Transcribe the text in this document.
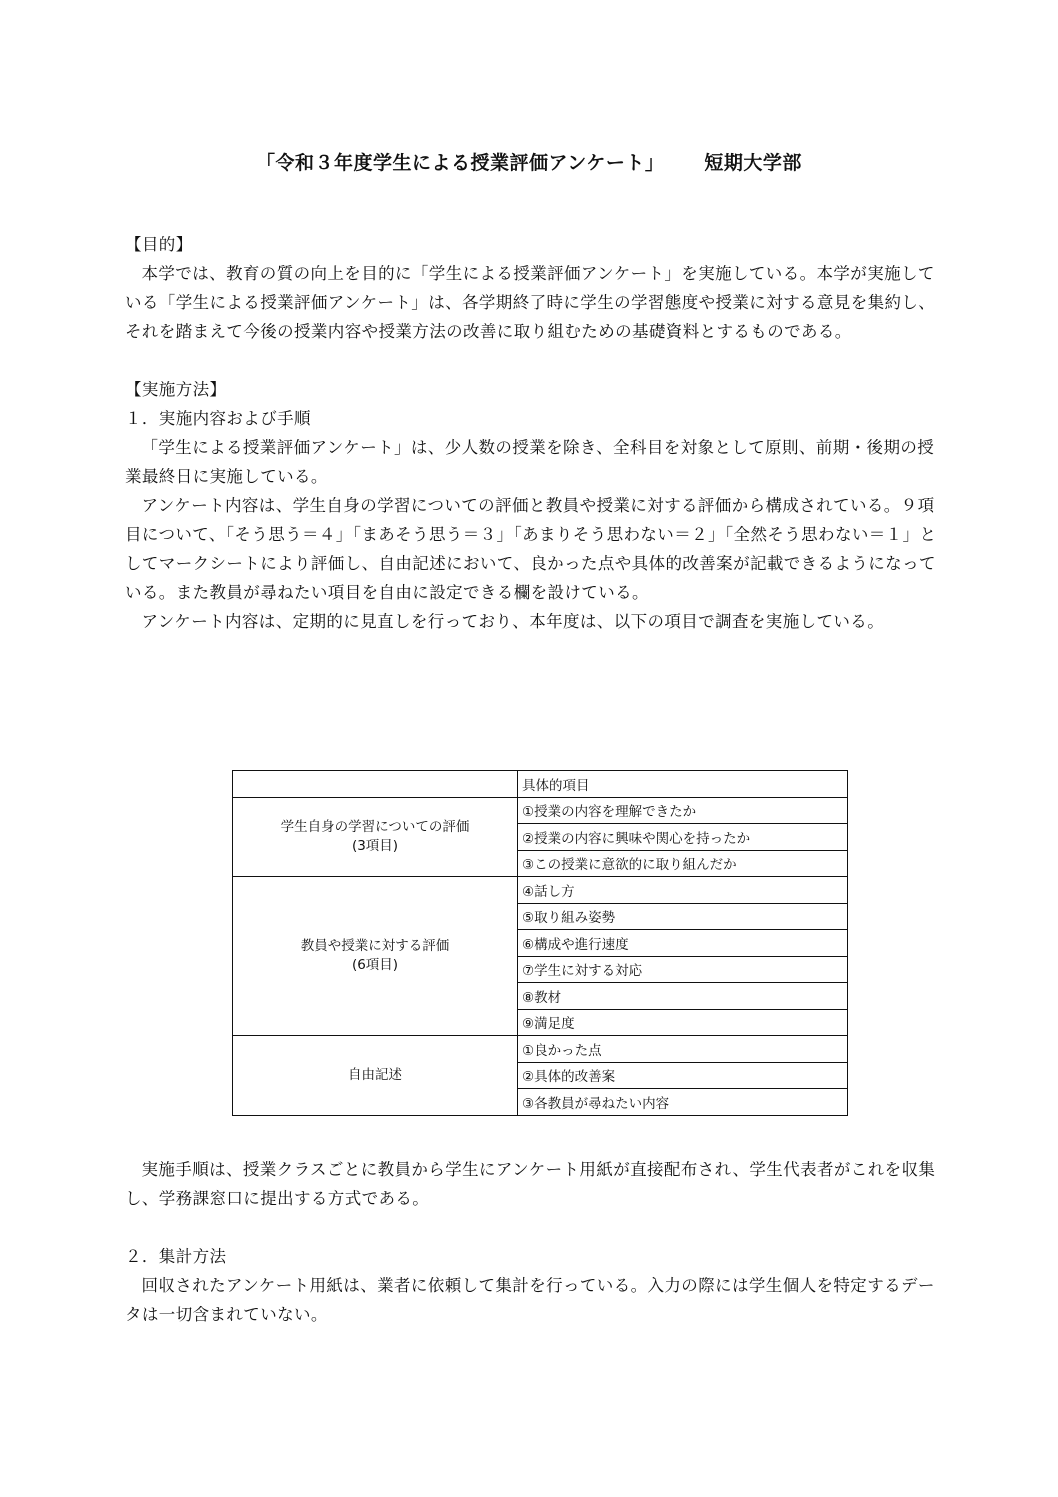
「令和３年度学生による授業評価アンケート」 短期大学部

【目的】

本学では、教育の質の向上を目的に「学生による授業評価アンケート」を実施している。本学が実施している「学生による授業評価アンケート」は、各学期終了時に学生の学習態度や授業に対する意見を集約し、それを踏まえて今後の授業内容や授業方法の改善に取り組むための基礎資料とするものである。

【実施方法】

１．実施内容および手順

「学生による授業評価アンケート」は、少人数の授業を除き、全科目を対象として原則、前期・後期の授業最終日に実施している。

アンケート内容は、学生自身の学習についての評価と教員や授業に対する評価から構成されている。９項目について、「そう思う＝４」「まあそう思う＝３」「あまりそう思わない＝２」「全然そう思わない＝１」としてマークシートにより評価し、自由記述において、良かった点や具体的改善案が記載できるようになっている。また教員が尋ねたい項目を自由に設定できる欄を設けている。

アンケート内容は、定期的に見直しを行っており、本年度は、以下の項目で調査を実施している。

	具体的項目

学生自身の学習についての評価
(3項目)	①授業の内容を理解できたか
	②授業の内容に興味や関心を持ったか
	③この授業に意欲的に取り組んだか

教員や授業に対する評価
(6項目)	④話し方
	⑤取り組み姿勢
	⑥構成や進行速度
	⑦学生に対する対応
	⑧教材
	⑨満足度

自由記述	①良かった点
	②具体的改善案
	③各教員が尋ねたい内容

実施手順は、授業クラスごとに教員から学生にアンケート用紙が直接配布され、学生代表者がこれを収集し、学務課窓口に提出する方式である。

２．集計方法

回収されたアンケート用紙は、業者に依頼して集計を行っている。入力の際には学生個人を特定するデータは一切含まれていない。
